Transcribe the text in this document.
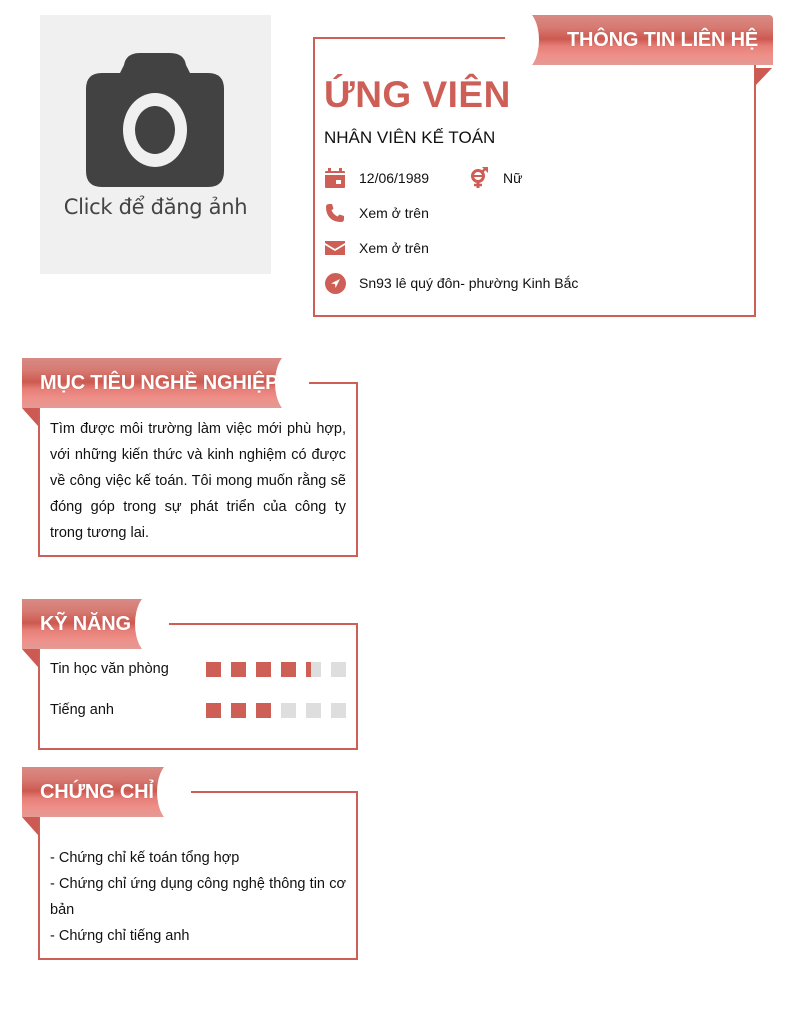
Click để đăng ảnh
THÔNG TIN LIÊN HỆ
ỨNG VIÊN
NHÂN VIÊN KẾ TOÁN
12/06/1989	Nữ
Xem ở trên
Xem ở trên
Sn93 lê quý đôn- phường Kinh Bắc
MỤC TIÊU NGHỀ NGHIỆP
Tìm được môi trường làm việc mới phù hợp, với những kiến thức và kinh nghiệm có được về công việc kế toán. Tôi mong muốn rằng sẽ đóng góp trong sự phát triển của công ty trong tương lai.
KỸ NĂNG
Tin học văn phòng
Tiếng anh
CHỨNG CHỈ
- Chứng chỉ kế toán tổng hợp
- Chứng chỉ ứng dụng công nghệ thông tin cơ bản
- Chứng chỉ tiếng anh
